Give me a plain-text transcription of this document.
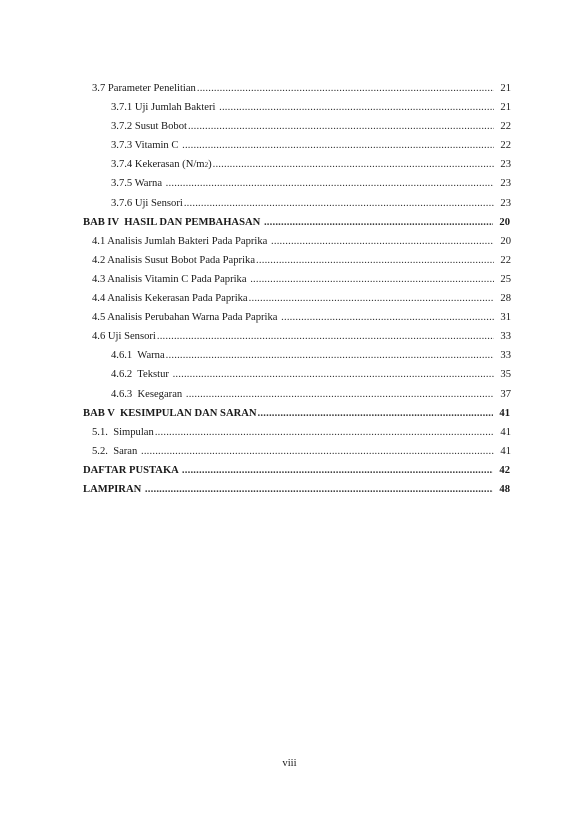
3.7 Parameter Penelitian .....	21
3.7.1 Uji Jumlah Bakteri .....	21
3.7.2 Susut Bobot .....	22
3.7.3 Vitamin C .....	22
3.7.4 Kekerasan (N/m 2 ) .....	23
3.7.5 Warna .....	23
3.7.6 Uji Sensori .....	23
BAB IV  HASIL DAN PEMBAHASAN .....	20
4.1 Analisis Jumlah Bakteri Pada Paprika .....	20
4.2 Analisis Susut Bobot Pada Paprika .....	22
4.3 Analisis Vitamin C Pada Paprika .....	25
4.4 Analisis Kekerasan Pada Paprika .....	28
4.5 Analisis Perubahan Warna Pada Paprika .....	31
4.6 Uji Sensori .....	33
4.6.1  Warna .....	33
4.6.2  Tekstur .....	35
4.6.3  Kesegaran .....	37
BAB V  KESIMPULAN DAN SARAN .....	41
5.1.  Simpulan .....	41
5.2.  Saran .....	41
DAFTAR PUSTAKA .....	42
LAMPIRAN .....	48
viii
